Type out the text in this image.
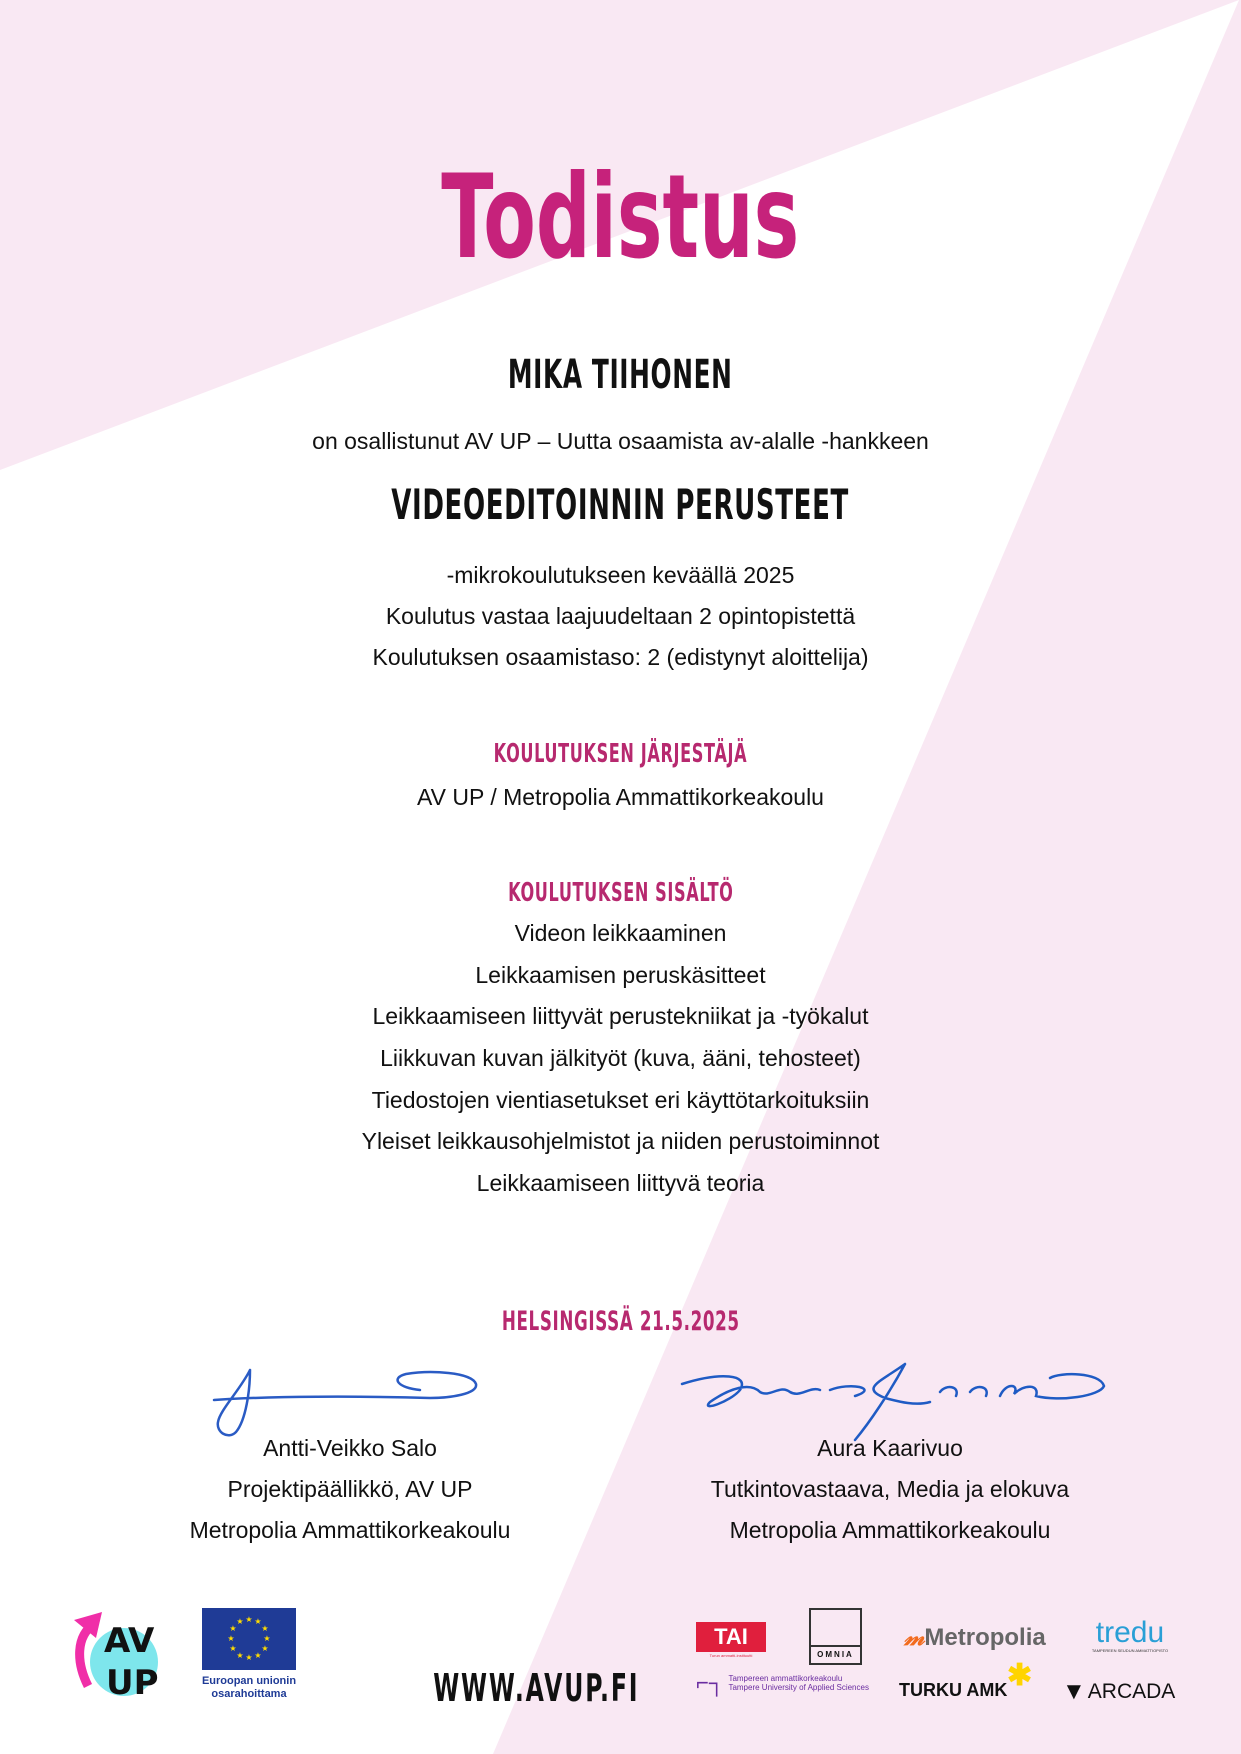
Todistus
MIKA TIIHONEN
on osallistunut AV UP – Uutta osaamista av-alalle -hankkeen
VIDEOEDITOINNIN PERUSTEET
-mikrokoulutukseen keväällä 2025
Koulutus vastaa laajuudeltaan 2 opintopistettä
Koulutuksen osaamistaso: 2 (edistynyt aloittelija)
KOULUTUKSEN JÄRJESTÄJÄ
AV UP / Metropolia Ammattikorkeakoulu
KOULUTUKSEN SISÄLTÖ
Videon leikkaaminen
Leikkaamisen peruskäsitteet
Leikkaamiseen liittyvät perustekniikat ja -työkalut
Liikkuvan kuvan jälkityöt (kuva, ääni, tehosteet)
Tiedostojen vientiasetukset eri käyttötarkoituksiin
Yleiset leikkausohjelmistot ja niiden perustoiminnot
Leikkaamiseen liittyvä teoria
HELSINGISSÄ 21.5.2025
Antti-Veikko Salo
Projektipäällikkö, AV UP
Metropolia Ammattikorkeakoulu
Aura Kaarivuo
Tutkintovastaava, Media ja elokuva
Metropolia Ammattikorkeakoulu
AV
UP
★ ★
★
★
★
★
★
★
★
★
★
★
Euroopan unionin
osarahoittama	WWW.AVUP.FI
TAI
Turun ammatti-instituutti	OMNIA
𝓂Metropolia tredu
TAMPEREEN SEUDUN AMMATTIOPISTO
⌐┐ Tampereen ammattikorkeakoulu
Tampere University of Applied Sciences TURKU AMK ✱ ▼ ARCADA
